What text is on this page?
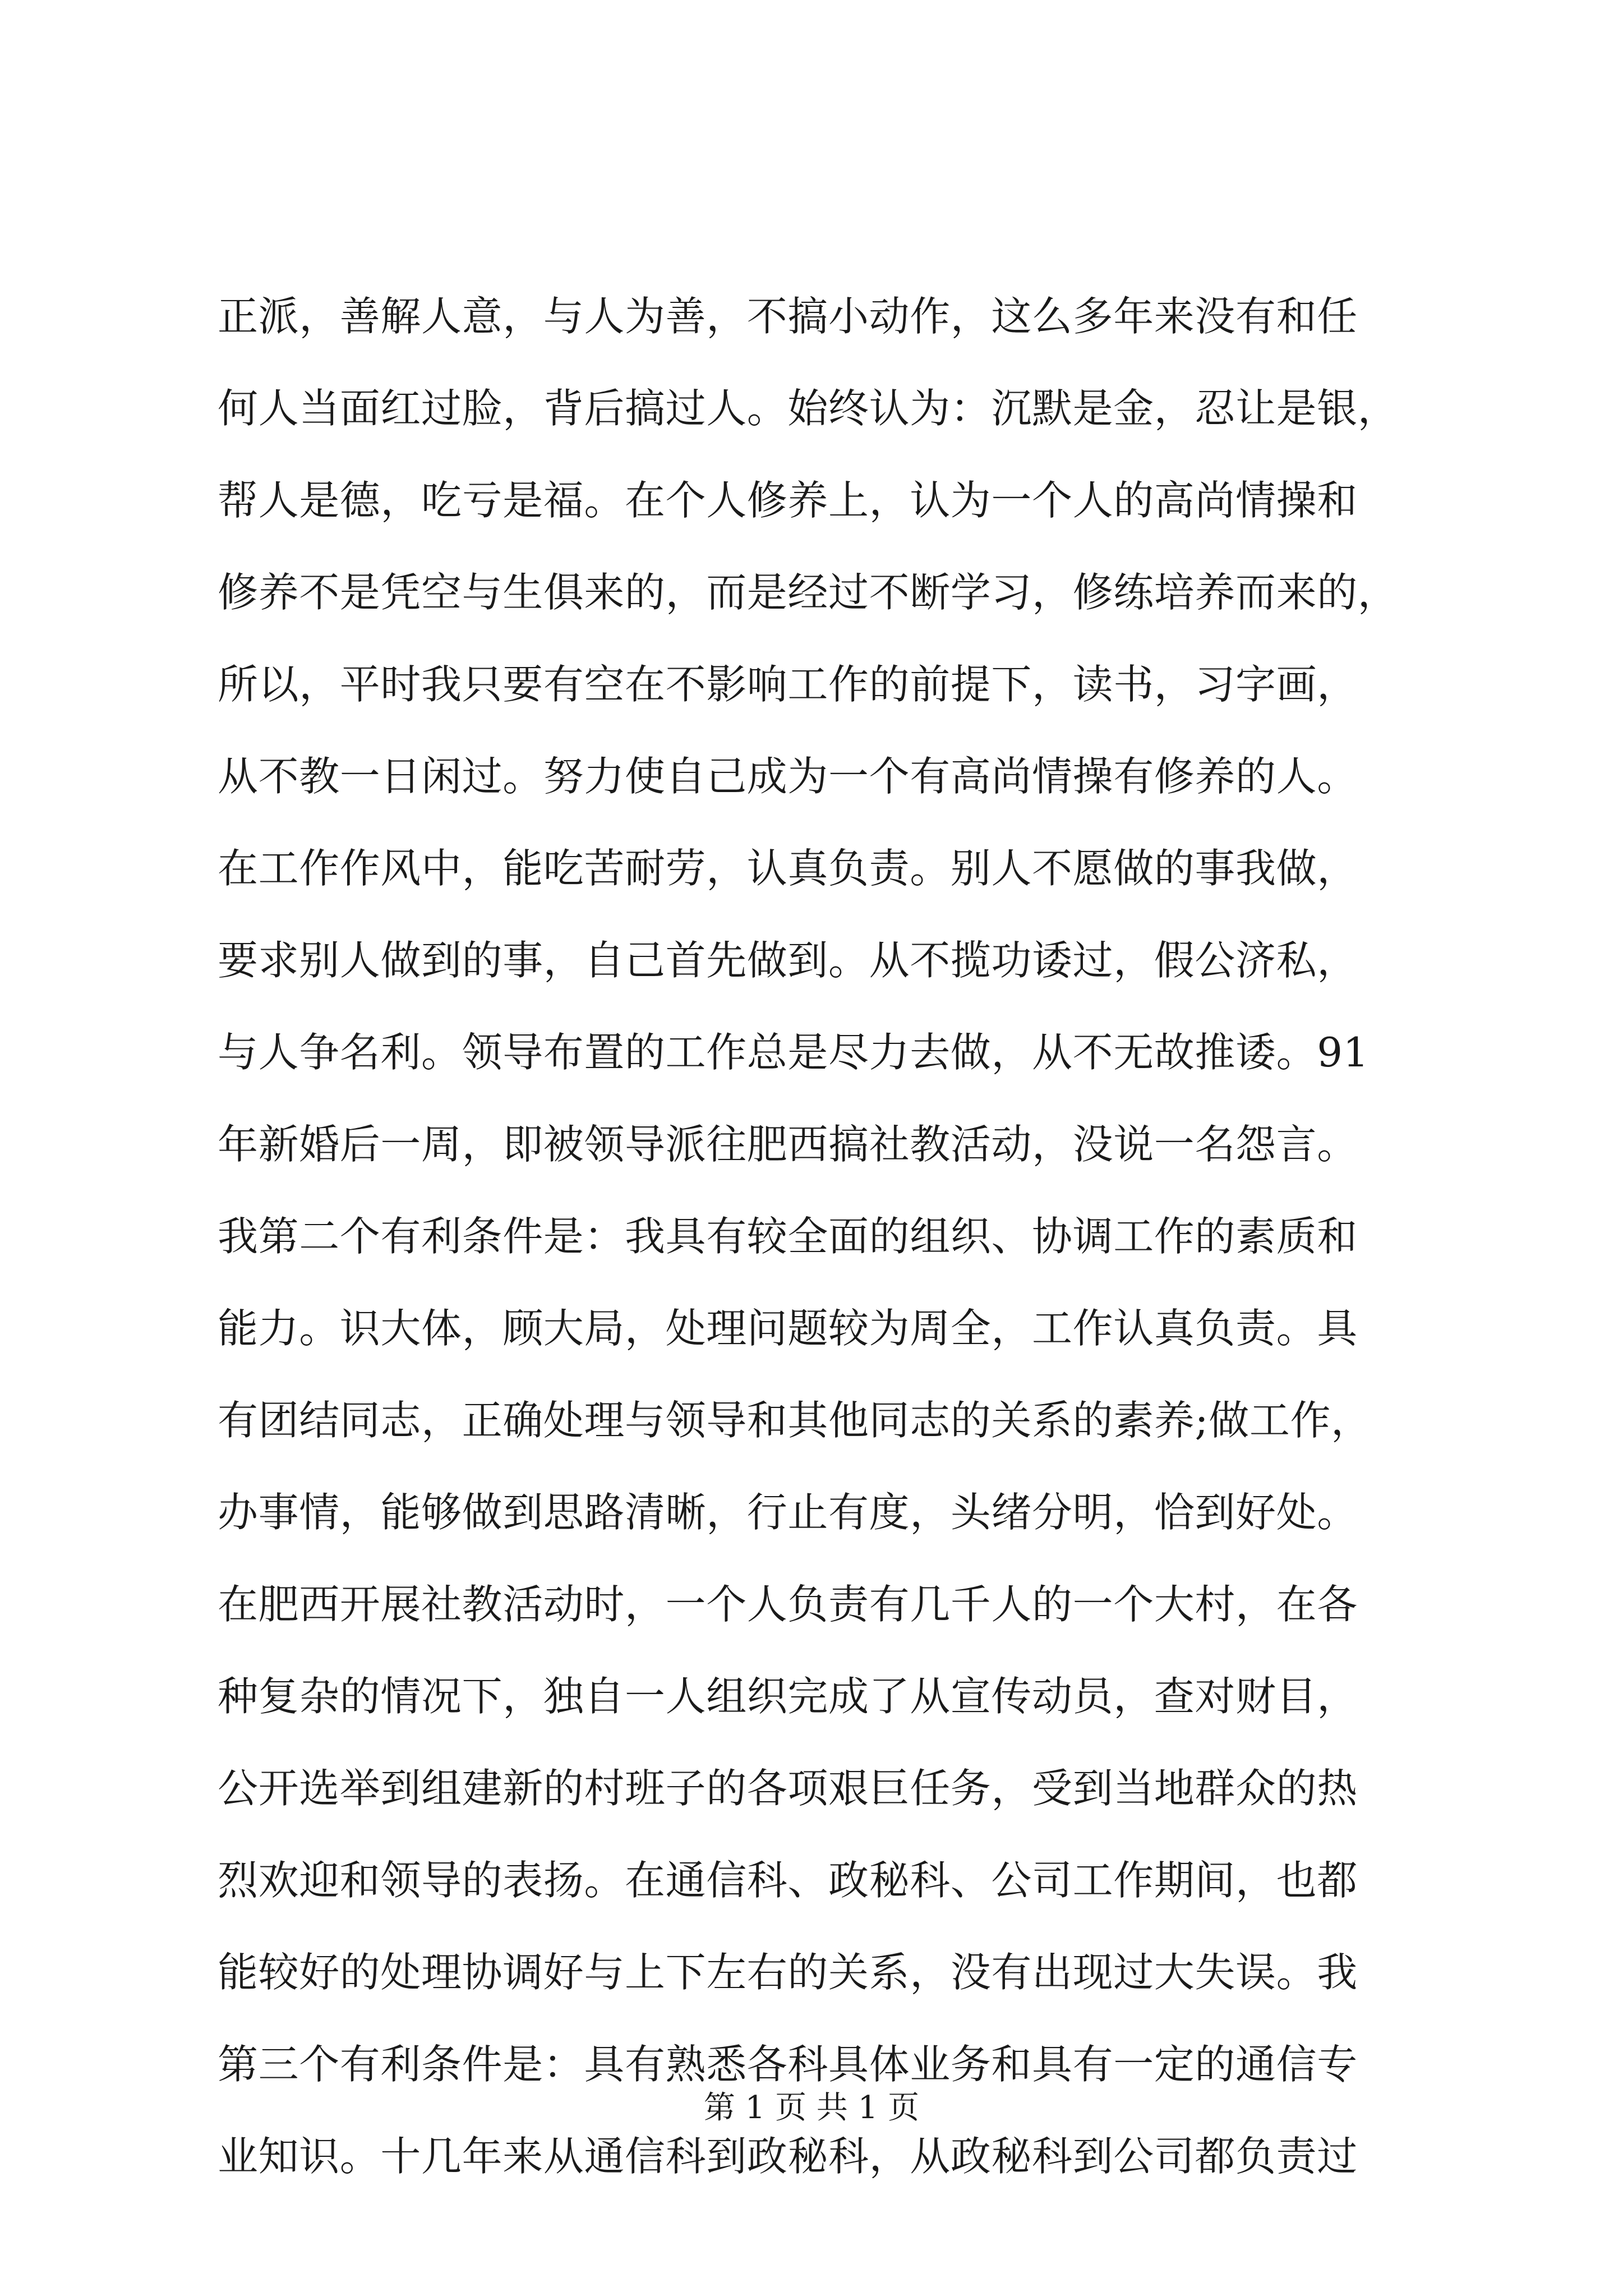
正派，善解人意，与人为善，不搞小动作，这么多年来没有和任
何人当面红过脸，背后搞过人。始终认为：沉默是金，忍让是银，
帮人是德，吃亏是福。在个人修养上，认为一个人的高尚情操和
修养不是凭空与生俱来的，而是经过不断学习，修练培养而来的，
所以，平时我只要有空在不影响工作的前提下，读书，习字画，
从不教一日闲过。努力使自己成为一个有高尚情操有修养的人。
在工作作风中，能吃苦耐劳，认真负责。别人不愿做的事我做，
要求别人做到的事，自己首先做到。从不揽功诿过，假公济私，
与人争名利。领导布置的工作总是尽力去做，从不无故推诿。91
年新婚后一周，即被领导派往肥西搞社教活动，没说一名怨言。
我第二个有利条件是：我具有较全面的组织、协调工作的素质和
能力。识大体，顾大局，处理问题较为周全，工作认真负责。具
有团结同志，正确处理与领导和其他同志的关系的素养;做工作，
办事情，能够做到思路清晰，行止有度，头绪分明，恰到好处。
在肥西开展社教活动时，一个人负责有几千人的一个大村，在各
种复杂的情况下，独自一人组织完成了从宣传动员，查对财目，
公开选举到组建新的村班子的各项艰巨任务，受到当地群众的热
烈欢迎和领导的表扬。在通信科、政秘科、公司工作期间，也都
能较好的处理协调好与上下左右的关系，没有出现过大失误。我
第三个有利条件是：具有熟悉各科具体业务和具有一定的通信专
业知识。十几年来从通信科到政秘科，从政秘科到公司都负责过
第 1 页 共 1 页
